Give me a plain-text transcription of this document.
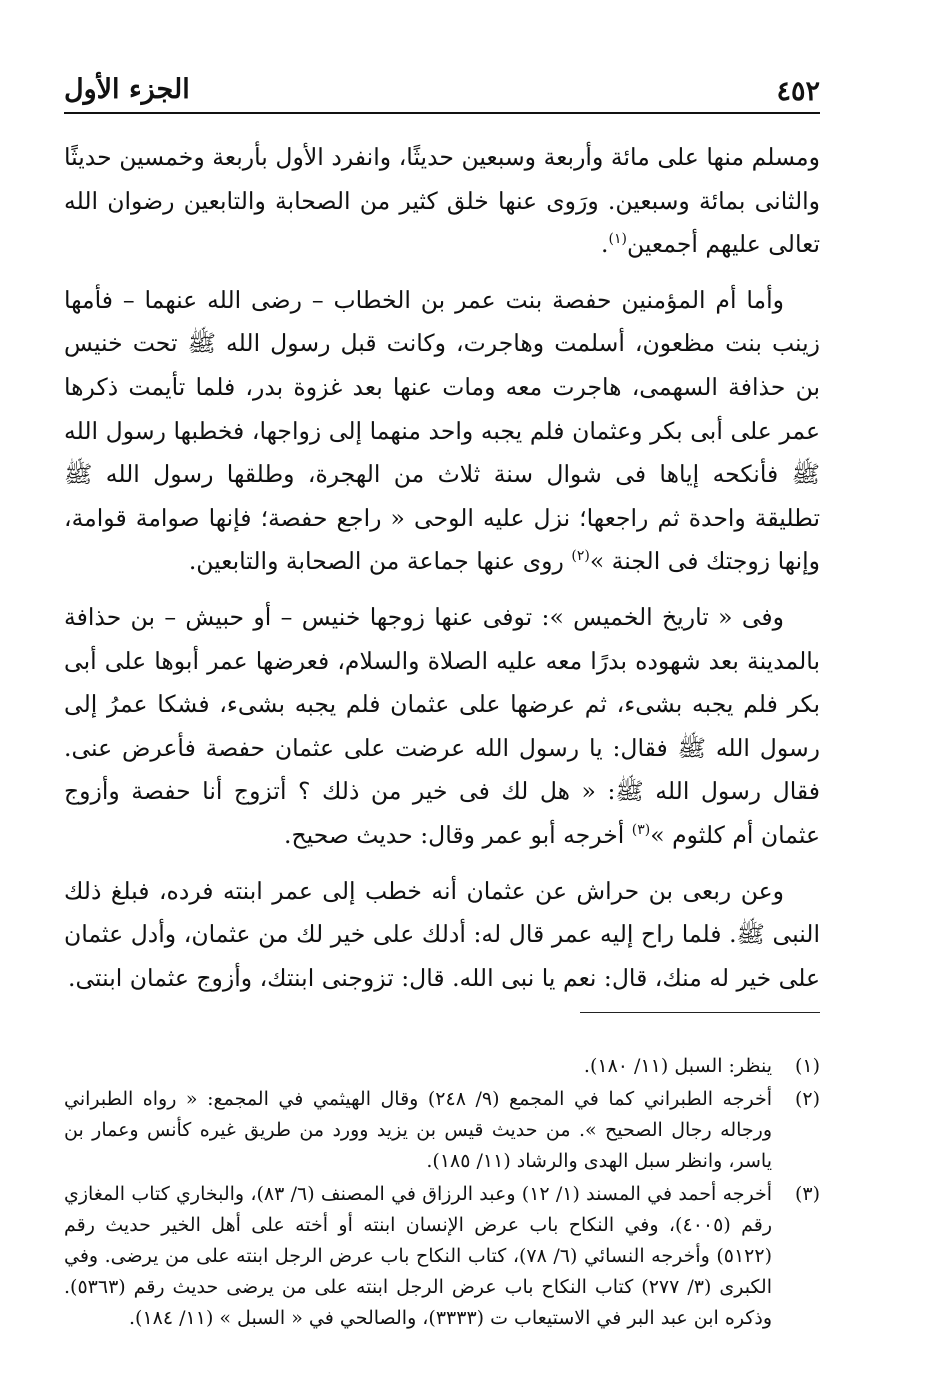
٤٥٢
الجزء الأول

ومسلم منها على مائة وأربعة وسبعين حديثًا، وانفرد الأول بأربعة وخمسين حديثًا والثانى بمائة وسبعين. ورَوى عنها خلق كثير من الصحابة والتابعين رضوان الله تعالى عليهم أجمعين$^{(١)}$.

وأما أم المؤمنين حفصة بنت عمر بن الخطاب – رضى الله عنهما – فأمها زينب بنت مظعون، أسلمت وهاجرت، وكانت قبل رسول الله ﷺ تحت خنيس بن حذافة السهمى، هاجرت معه ومات عنها بعد غزوة بدر، فلما تأيمت ذكرها عمر على أبى بكر وعثمان فلم يجبه واحد منهما إلى زواجها، فخطبها رسول الله ﷺ فأنكحه إياها فى شوال سنة ثلاث من الهجرة، وطلقها رسول الله ﷺ تطليقة واحدة ثم راجعها؛ نزل عليه الوحى « راجع حفصة؛ فإنها صوامة قوامة، وإنها زوجتك فى الجنة »$^{(٢)}$ روى عنها جماعة من الصحابة والتابعين.

وفى « تاريخ الخميس »: توفى عنها زوجها خنيس – أو حبيش – بن حذافة بالمدينة بعد شهوده بدرًا معه عليه الصلاة والسلام، فعرضها عمر أبوها على أبى بكر فلم يجبه بشىء، ثم عرضها على عثمان فلم يجبه بشىء، فشكا عمرُ إلى رسول الله ﷺ فقال: يا رسول الله عرضت على عثمان حفصة فأعرض عنى. فقال رسول الله ﷺ: « هل لك فى خير من ذلك ؟ أتزوج أنا حفصة وأزوج عثمان أم كلثوم »$^{(٣)}$ أخرجه أبو عمر وقال: حديث صحيح.

وعن ربعى بن حراش عن عثمان أنه خطب إلى عمر ابنته فرده، فبلغ ذلك النبى ﷺ. فلما راح إليه عمر قال له: أدلك على خير لك من عثمان، وأدل عثمان على خير له منك، قال: نعم يا نبى الله. قال: تزوجنى ابنتك، وأزوج عثمان ابنتى.

(١)
ينظر: السبل (١١/ ١٨٠).
(٢)
أخرجه الطبراني كما في المجمع (٩/ ٢٤٨) وقال الهيثمي في المجمع: « رواه الطبراني ورجاله رجال الصحيح ». من حديث قيس بن يزيد وورد من طريق غيره كأنس وعمار بن ياسر، وانظر سبل الهدى والرشاد (١١/ ١٨٥).
(٣)
أخرجه أحمد في المسند (١/ ١٢) وعبد الرزاق في المصنف (٦/ ٨٣)، والبخاري كتاب المغازي رقم (٤٠٠٥)، وفي النكاح باب عرض الإنسان ابنته أو أخته على أهل الخير حديث رقم (٥١٢٢) وأخرجه النسائي (٦/ ٧٨)، كتاب النكاح باب عرض الرجل ابنته على من يرضى. وفي الكبرى (٣/ ٢٧٧) كتاب النكاح باب عرض الرجل ابنته على من يرضى حديث رقم (٥٣٦٣). وذكره ابن عبد البر في الاستيعاب ت (٣٣٣٣)، والصالحي في « السبل » (١١/ ١٨٤).
